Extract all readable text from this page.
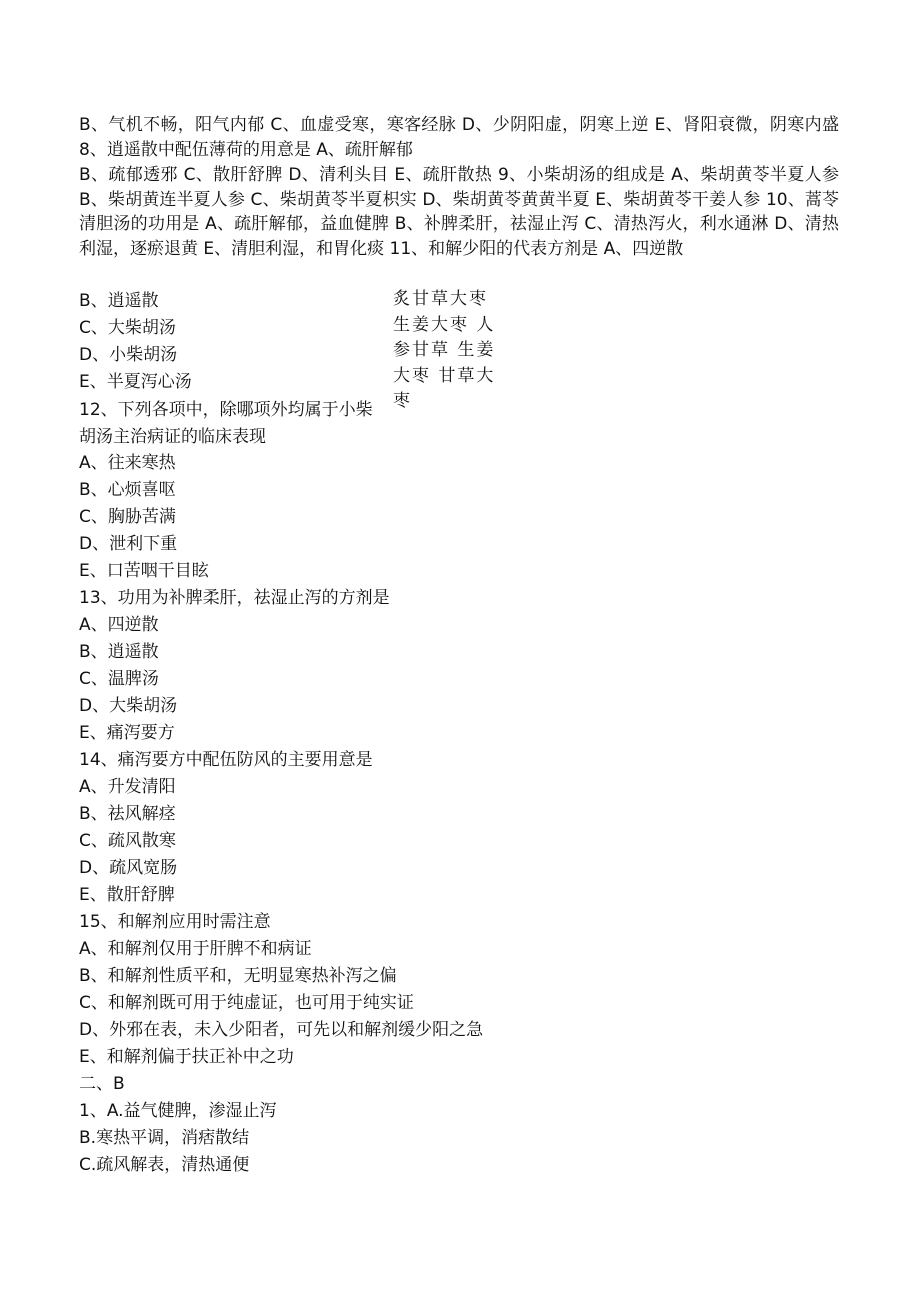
B、气机不畅，阳气内郁 C、血虚受寒，寒客经脉 D、少阴阳虚，阴寒上逆 E、肾阳衰微，阴寒内盛 8、逍遥散中配伍薄荷的用意是 A、疏肝解郁
B、疏郁透邪 C、散肝舒脾 D、清利头目 E、疏肝散热 9、小柴胡汤的组成是 A、柴胡黄苓半夏人参 B、柴胡黄连半夏人参 C、柴胡黄苓半夏枳实 D、柴胡黄苓黄黄半夏 E、柴胡黄苓干姜人参 10、蒿苓清胆汤的功用是 A、疏肝解郁，益血健脾 B、补脾柔肝，祛湿止泻 C、清热泻火，利水通淋 D、清热利湿，逐瘀退黄 E、清胆利湿，和胃化痰 11、和解少阳的代表方剂是 A、四逆散
B、逍遥散
C、大柴胡汤
D、小柴胡汤
E、半夏泻心汤
炙甘草大枣生姜大枣 人参甘草 生姜大枣 甘草大枣
12、下列各项中，除哪项外均属于小柴胡汤主治病证的临床表现
A、往来寒热
B、心烦喜呕
C、胸胁苦满
D、泄利下重
E、口苦咽干目眩
13、功用为补脾柔肝，祛湿止泻的方剂是
A、四逆散
B、逍遥散
C、温脾汤
D、大柴胡汤
E、痛泻要方
14、痛泻要方中配伍防风的主要用意是
A、升发清阳
B、祛风解痉
C、疏风散寒
D、疏风宽肠
E、散肝舒脾
15、和解剂应用时需注意
A、和解剂仅用于肝脾不和病证
B、和解剂性质平和，无明显寒热补泻之偏
C、和解剂既可用于纯虚证，也可用于纯实证
D、外邪在表，未入少阳者，可先以和解剂缓少阳之急
E、和解剂偏于扶正补中之功
二、B
1、A.益气健脾，渗湿止泻
B.寒热平调，消痞散结
C.疏风解表，清热通便
